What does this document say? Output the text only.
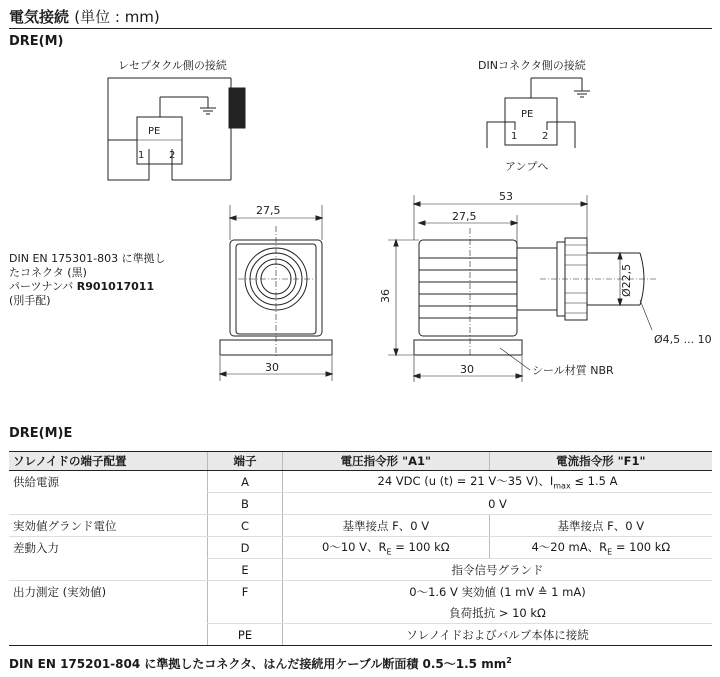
電気接続 (単位 : mm)
DRE(M)
レセプタクル側の接続	DINコネクタ側の接続
PE
1 2
PE
1 2
アンプへ
27,5
30
53
27,5
36
30
Ø22,5
Ø4,5 ... 10
シール材質 NBR
DIN EN 175301-803 に準拠したコネクタ (黒)
パーツナンバ R901017011
(別手配)
DRE(M)E
ソレノイドの端子配置	端子	電圧指令形 "A1"	電流指令形 "F1"
供給電源	A	24 VDC (u (t) = 21 V〜35 V)、$I_{max} \le 1.5$ A	
	B	0 V	
実効値グランド電位	C	基準接点 F、0 V	基準接点 F、0 V
差動入力	D	0〜10 V、$R_E = 100$ kΩ	4〜20 mA、$R_E = 100$ kΩ
	E	指令信号グランド	
出力測定 (実効値)	F	0〜1.6 V 実効値 (1 mV ≙ 1 mA)	
		負荷抵抗 > 10 kΩ	
	PE	ソレノイドおよびバルブ本体に接続	
DIN EN 175201-804 に準拠したコネクタ、はんだ接続用ケーブル断面積 0.5〜1.5 $mm^2$
